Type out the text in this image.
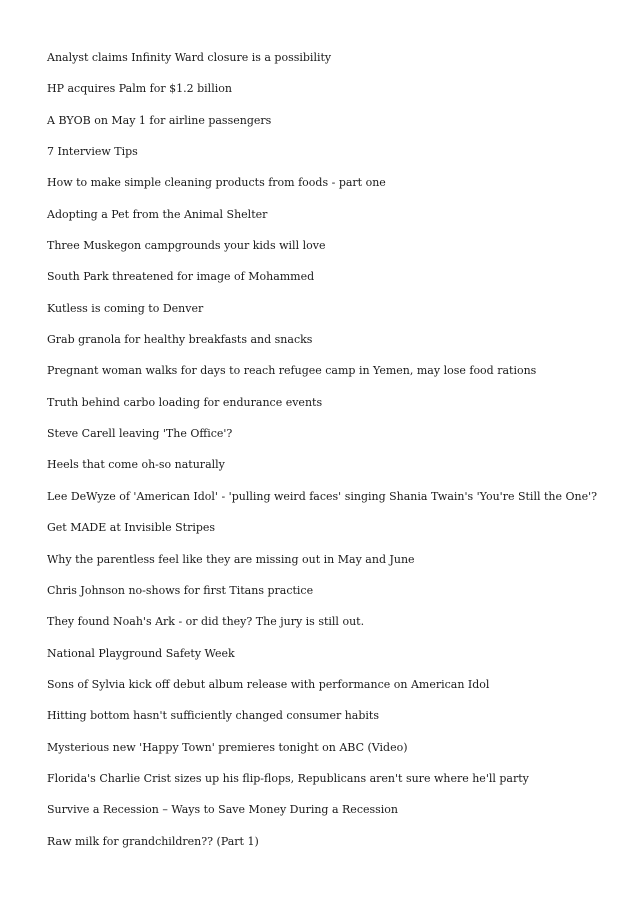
Analyst claims Infinity Ward closure is a possibility
HP acquires Palm for $1.2 billion
A BYOB on May 1 for airline passengers
7 Interview Tips
How to make simple cleaning products from foods - part one
Adopting a Pet from the Animal Shelter
Three Muskegon campgrounds your kids will love
South Park threatened for image of Mohammed
Kutless is coming to Denver
Grab granola for healthy breakfasts and snacks
Pregnant woman walks for days to reach refugee camp in Yemen, may lose food rations
Truth behind carbo loading for endurance events
Steve Carell leaving 'The Office'?
Heels that come oh-so naturally
Lee DeWyze of 'American Idol' - 'pulling weird faces' singing Shania Twain's 'You're Still the One'?
Get MADE at Invisible Stripes
Why the parentless feel like they are missing out in May and June
Chris Johnson no-shows for first Titans practice
They found Noah's Ark - or did they? The jury is still out.
National Playground Safety Week
Sons of Sylvia kick off debut album release with performance on American Idol
Hitting bottom hasn't sufficiently changed consumer habits
Mysterious new 'Happy Town' premieres tonight on ABC (Video)
Florida's Charlie Crist sizes up his flip-flops, Republicans aren't sure where he'll party
Survive a Recession – Ways to Save Money During a Recession
Raw milk for grandchildren?? (Part 1)
